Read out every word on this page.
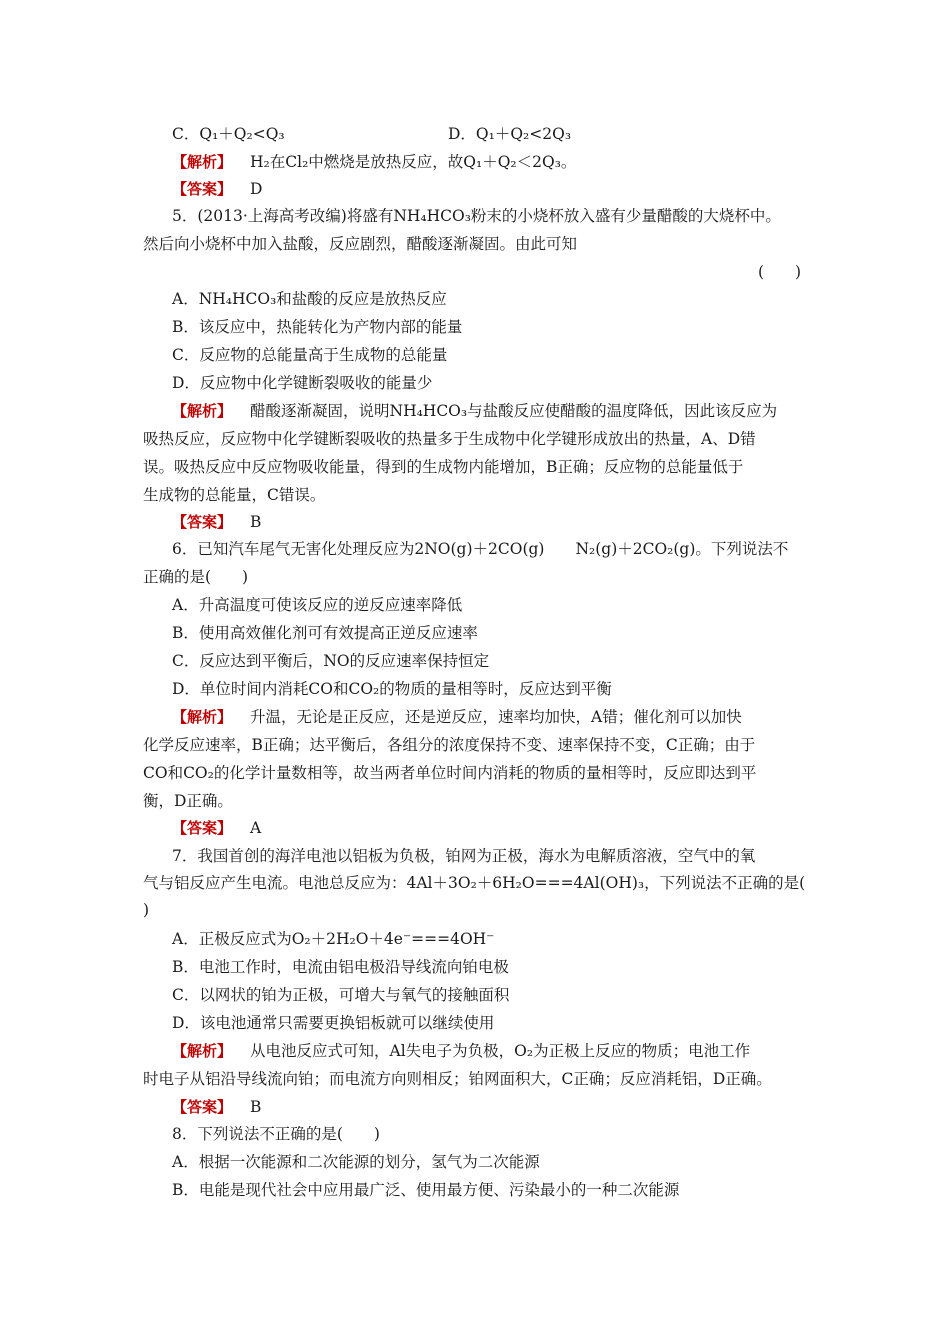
C．Q₁＋Q₂<Q₃	D．Q₁＋Q₂<2Q₃
【解析】 H₂在Cl₂中燃烧是放热反应，故Q₁＋Q₂＜2Q₃。
【答案】 D
5．(2013·上海高考改编)将盛有NH₄HCO₃粉末的小烧杯放入盛有少量醋酸的大烧杯中。
然后向小烧杯中加入盐酸，反应剧烈，醋酸逐渐凝固。由此可知
(　　)
A．NH₄HCO₃和盐酸的反应是放热反应
B．该反应中，热能转化为产物内部的能量
C．反应物的总能量高于生成物的总能量
D．反应物中化学键断裂吸收的能量少
【解析】 醋酸逐渐凝固，说明NH₄HCO₃与盐酸反应使醋酸的温度降低，因此该反应为
吸热反应，反应物中化学键断裂吸收的热量多于生成物中化学键形成放出的热量，A、D错
误。吸热反应中反应物吸收能量，得到的生成物内能增加，B正确；反应物的总能量低于
生成物的总能量，C错误。
【答案】 B
6．已知汽车尾气无害化处理反应为2NO(g)＋2CO(g)　　N₂(g)＋2CO₂(g)。下列说法不
正确的是(　　)
A．升高温度可使该反应的逆反应速率降低
B．使用高效催化剂可有效提高正逆反应速率
C．反应达到平衡后，NO的反应速率保持恒定
D．单位时间内消耗CO和CO₂的物质的量相等时，反应达到平衡
【解析】 升温，无论是正反应，还是逆反应，速率均加快，A错；催化剂可以加快
化学反应速率，B正确；达平衡后，各组分的浓度保持不变、速率保持不变，C正确；由于
CO和CO₂的化学计量数相等，故当两者单位时间内消耗的物质的量相等时，反应即达到平
衡，D正确。
【答案】 A
7．我国首创的海洋电池以铝板为负极，铂网为正极，海水为电解质溶液，空气中的氧
气与铝反应产生电流。电池总反应为：4Al＋3O₂＋6H₂O===4Al(OH)₃，下列说法不正确的是(
)
A．正极反应式为O₂＋2H₂O＋4e⁻===4OH⁻
B．电池工作时，电流由铝电极沿导线流向铂电极
C．以网状的铂为正极，可增大与氧气的接触面积
D．该电池通常只需要更换铝板就可以继续使用
【解析】 从电池反应式可知，Al失电子为负极，O₂为正极上反应的物质；电池工作
时电子从铝沿导线流向铂；而电流方向则相反；铂网面积大，C正确；反应消耗铝，D正确。
【答案】 B
8．下列说法不正确的是(　　)
A．根据一次能源和二次能源的划分，氢气为二次能源
B．电能是现代社会中应用最广泛、使用最方便、污染最小的一种二次能源
